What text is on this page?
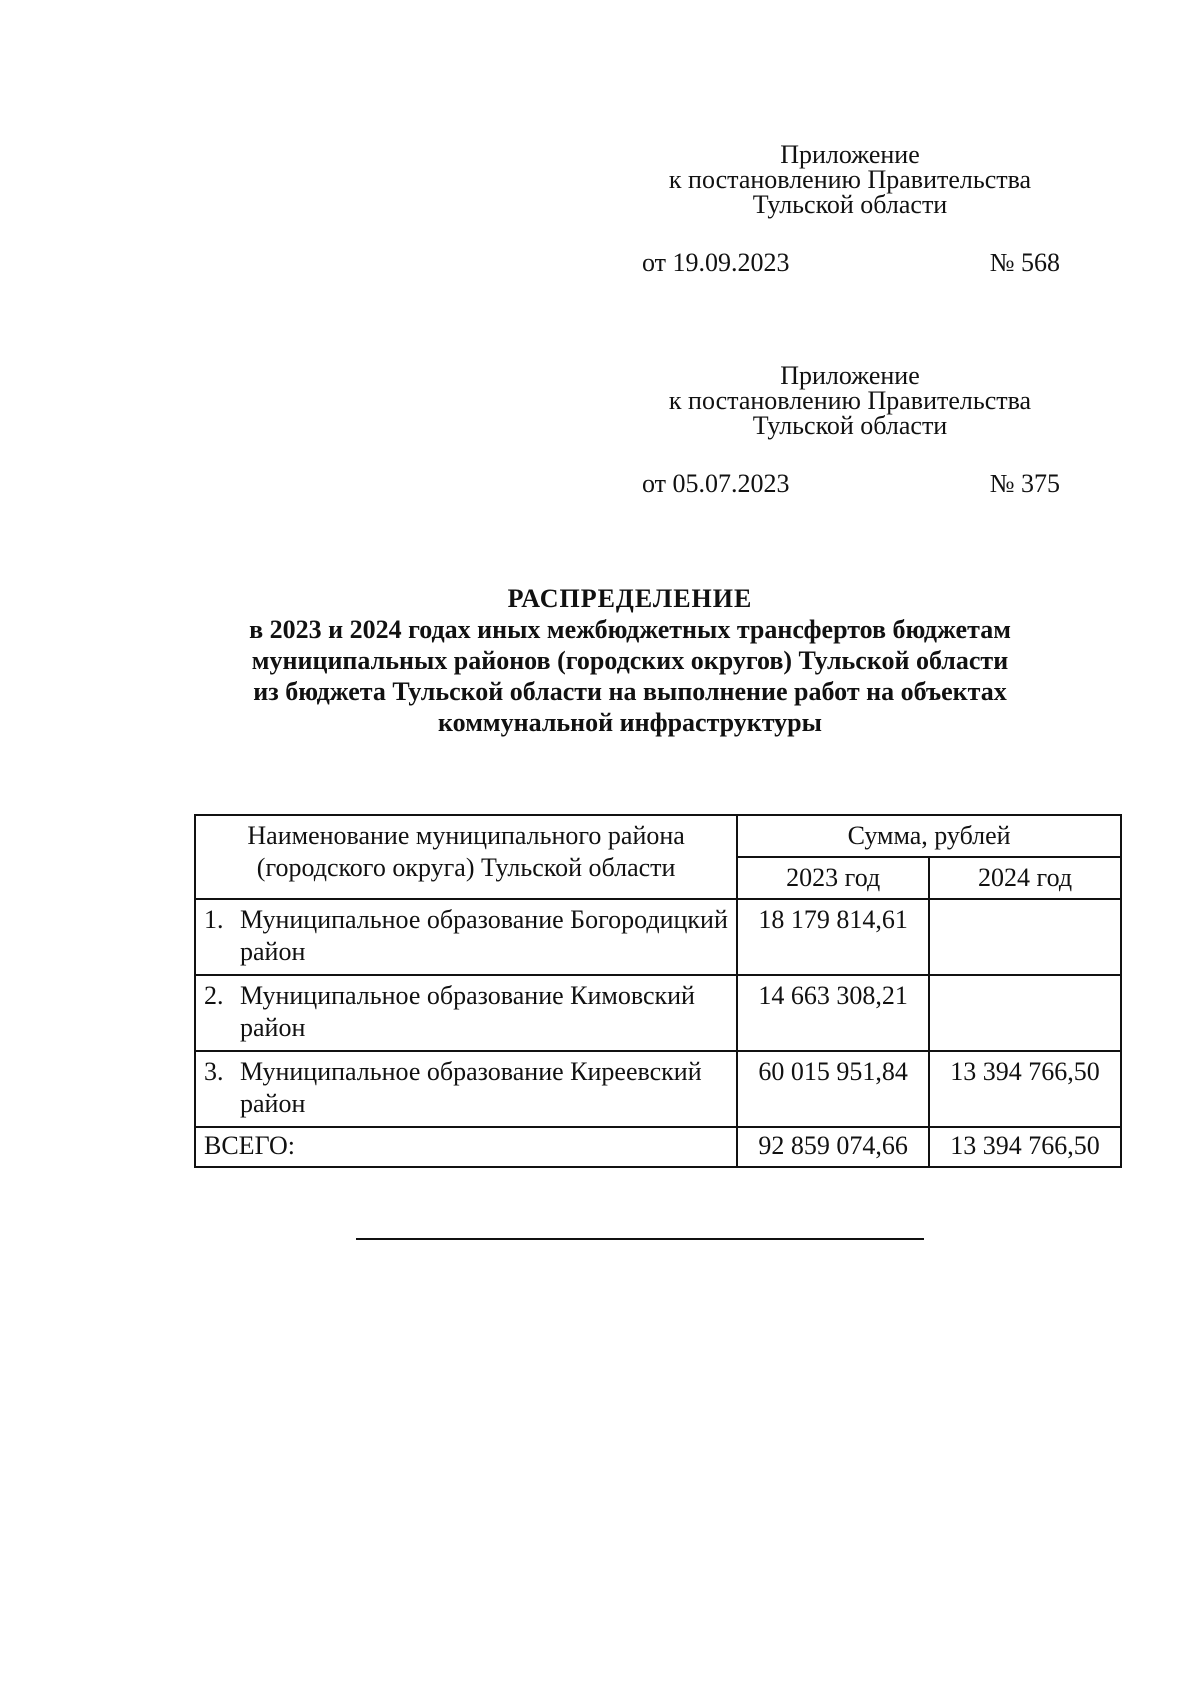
Приложение
к постановлению Правительства
Тульской области
от 19.09.2023	№ 568
Приложение
к постановлению Правительства
Тульской области
от 05.07.2023	№ 375
РАСПРЕДЕЛЕНИЕ
в 2023 и 2024 годах иных межбюджетных трансфертов бюджетам
муниципальных районов (городских округов) Тульской области
из бюджета Тульской области на выполнение работ на объектах
коммунальной инфраструктуры
Наименование муниципального района (городского округа) Тульской области	Сумма, рублей	
	2023 год	2024 год

1. Муниципальное образование Богородицкий район	18 179 814,61	

2. Муниципальное образование Кимовский район	14 663 308,21	

3. Муниципальное образование Киреевский район	60 015 951,84	13 394 766,50
ВСЕГО:	92 859 074,66	13 394 766,50
